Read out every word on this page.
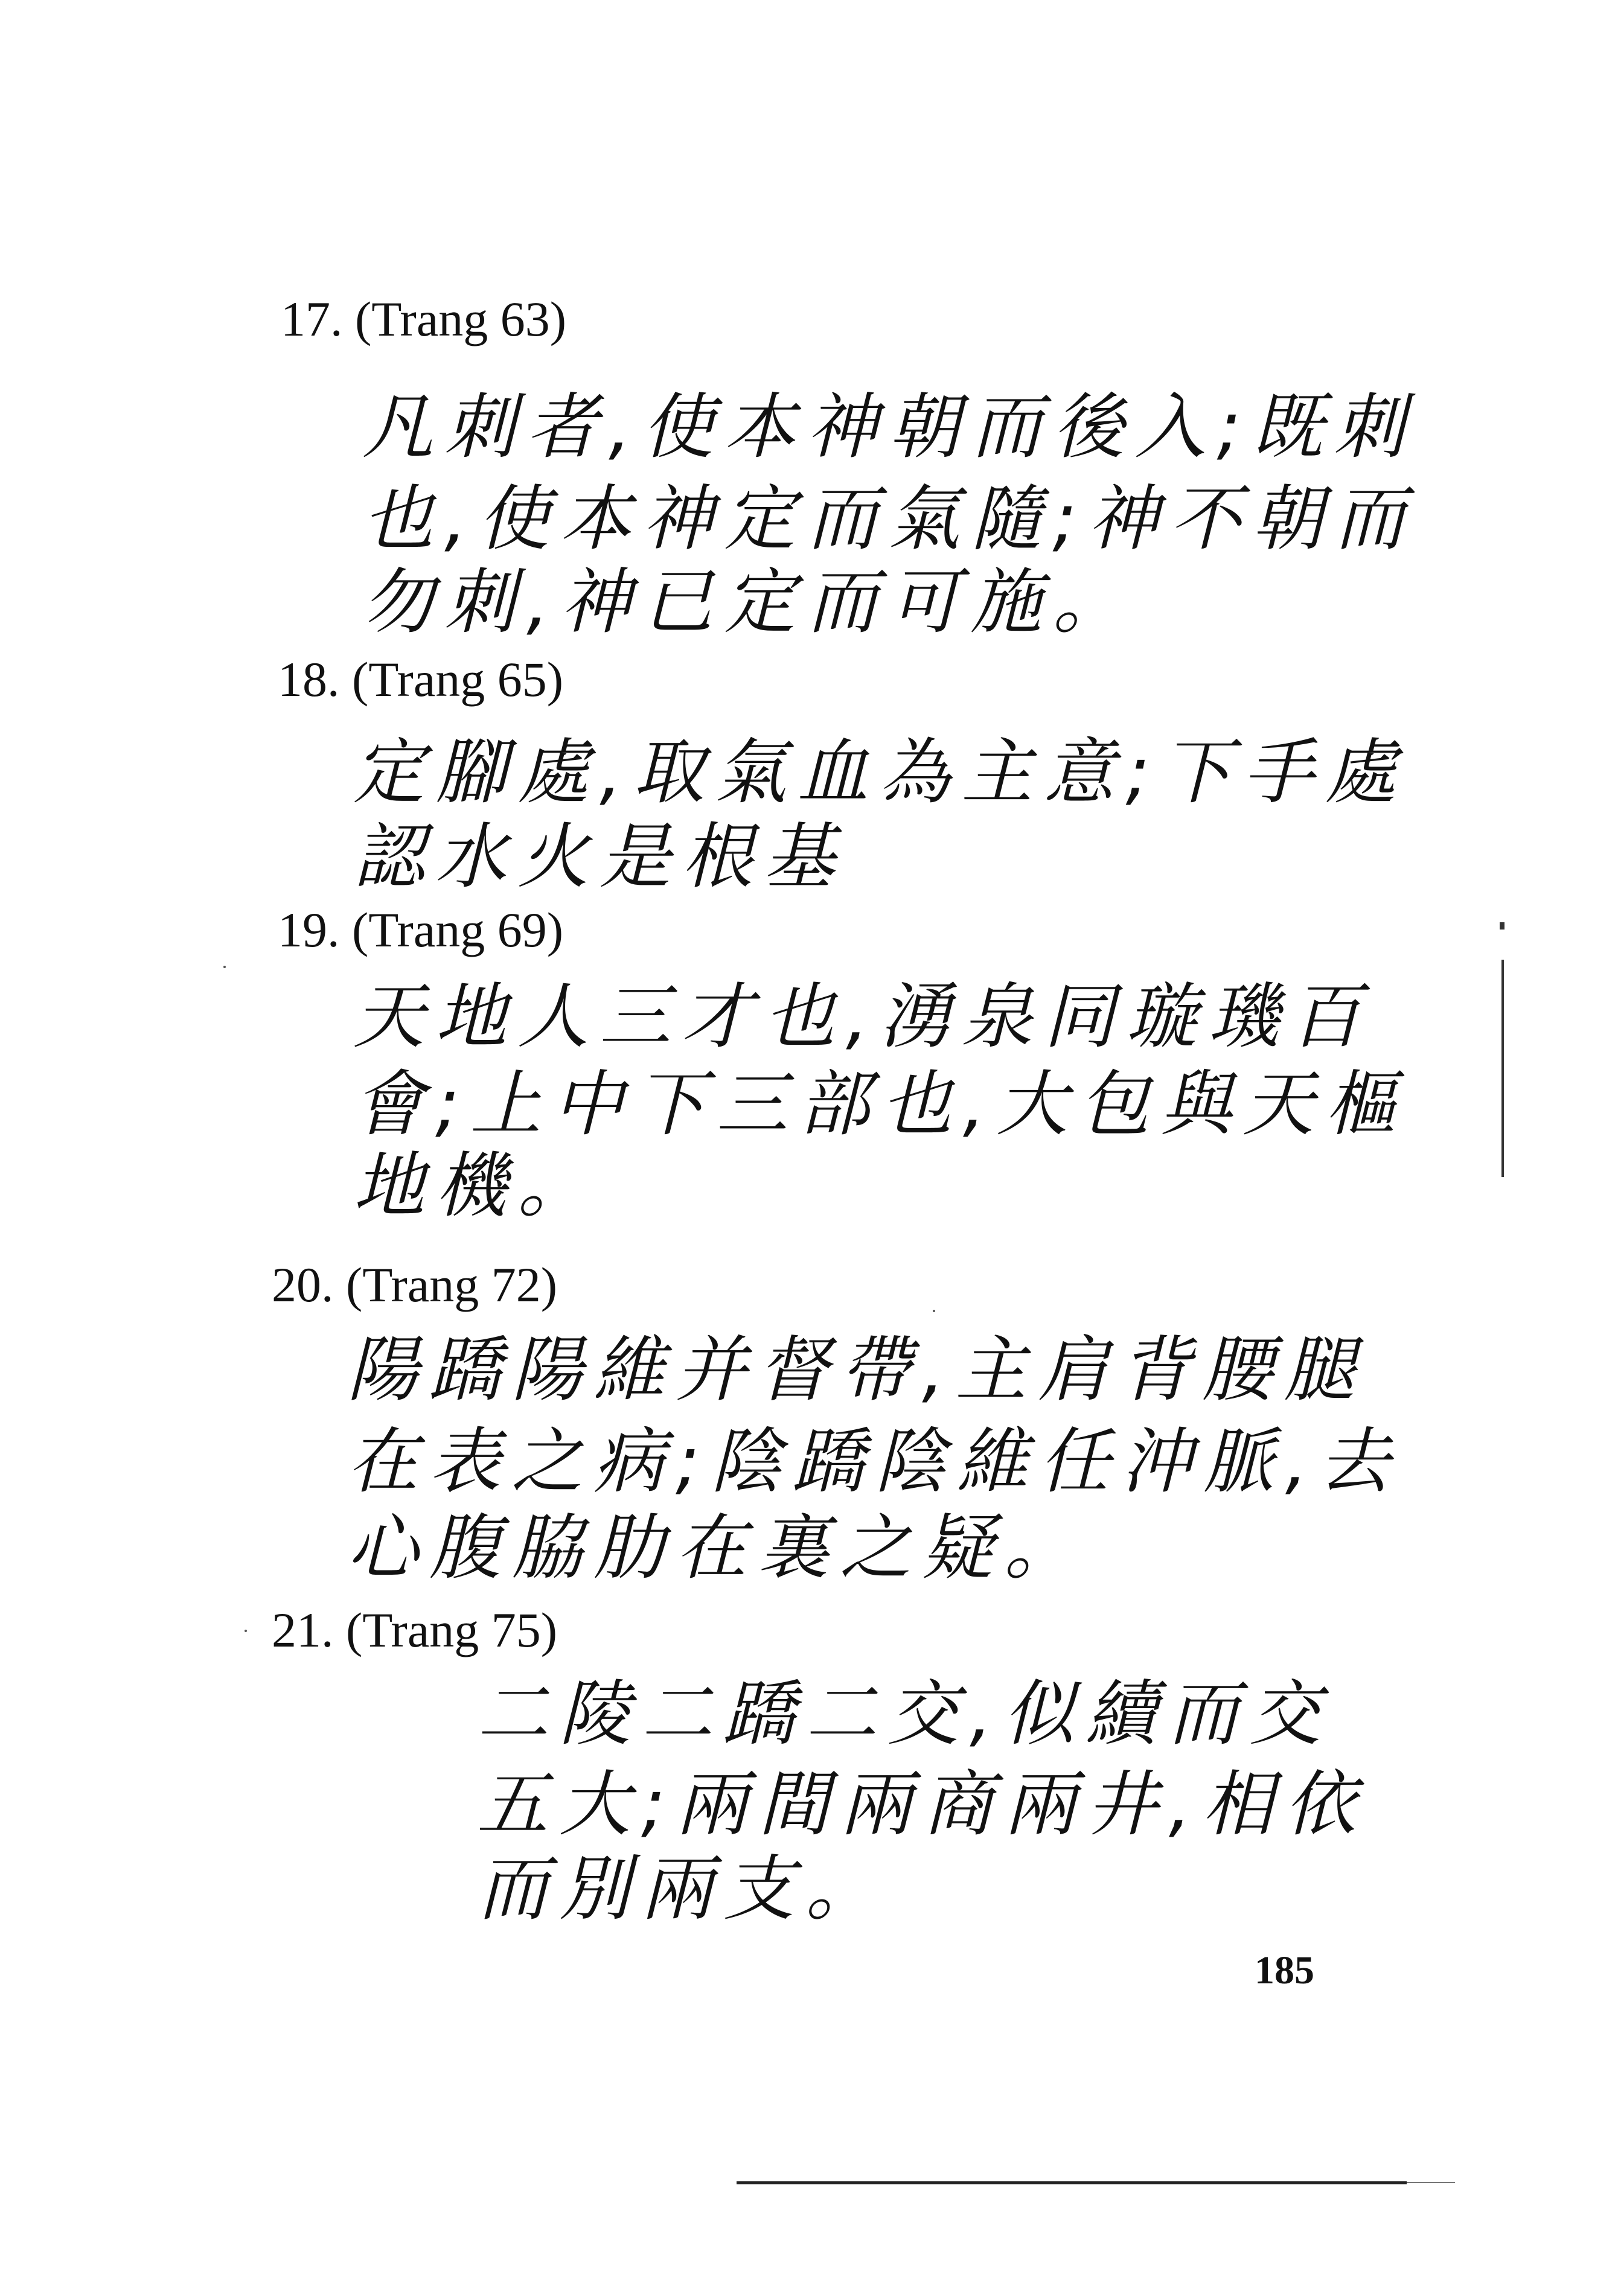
17. (Trang 63)
凡刺者,使本神朝而後入;既刺
也,使本神定而氣隨;神不朝而
勿刺,神已定而可施。
18. (Trang 65)
定腳處,取氣血為主意;下手處
認水火是根基
19. (Trang 69)
天地人三才也,湧泉同璇璣百
會;上中下三部也,大包與天樞
地機。
20. (Trang 72)
陽蹻陽維并督帶,主肩背腰腿
在表之病;陰蹻陰維任沖脈,去
心腹脇肋在裏之疑。
21. (Trang 75)
二陵二蹻二交,似續而交
五大;兩間兩商兩井,相依
而別兩支。
185
